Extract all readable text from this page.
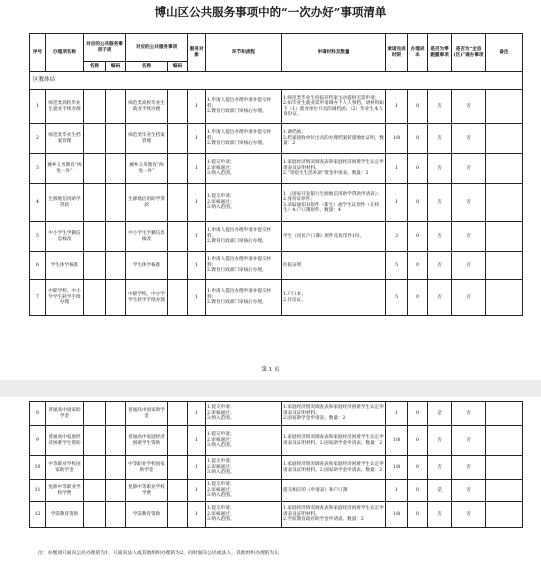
博山区公共服务事项中的“一次办好”事项清单
序号	办理项名称	对应的公共服务事项子项		对应的公共服务事项		服务对象	环节和流程	申请材料及数量	承诺完成时限	办理成本	是否为零跑腿事项	是否为“全县(区)”通办事项	备注
		名称	编码	名称	编码								
区教体局													
1	师范类高校毕业生就业手续办理			师范类高校毕业生就业手续办理		1	1.申请人提出办理申请并提交材料；
2.教育行政部门审核后办理。	1.师范类毕业生持报存档案主动提供无需申请；
2.如毕业生就业需申请调办个人人事档，请材料如下（1）就业单位开具的调档函；（2）毕业生本人身份证。	1	0	否	否	
2	师范类毕业生档案管理			师范类毕业生档案管理		1	1.申请人提出办理申请并提交材料；
2.教育行政部门审核后办理。	1.调档函；
2.档案接收单位出具的办理档案转递地址证明，数量：2	1/8	0	否	否	
3	城乡义务教育“两免一补”			城乡义务教育“两免一补”		1	1.提交申请；
2.审核通过；
3.纳入范围。	1.家庭经济情况调查表和家庭经济困难学生认定申请表及证明材料。
2.“寄宿生生活补助”资金申请表。数量：2	1	0	否	否	
4	生源地信用助学贷款			生源地信用助学贷款		1	1.提交申请；
2.审核通过；
3.纳入范围。	1.《国家开发银行生源地信用助学贷款申请表》；
2.身份证原件；
3.录取通知书原件（新生）或学生证原件（在校生）4.户口簿原件。数量：4	1	0	否	否	
5	中小学生学籍信息核改			中小学生学籍信息核改		1	1.申请人提出办理申请并提交材料；
2.教育行政部门审核后办理。	学生《居民户口簿》原件及复印件1份。	3	0	否	否	
6	学生休学核准			学生休学核准		1	1.申请人提出办理申请并提交材料；
2.教育行政部门审核后办理。	医院证明	5	0	否	否	
7	中职学校、中小学学生转学手续办理			中职学校、中小学学生转学手续办理		1	1.申请人提出办理申请并提交材料；
2.教育行政部门审核后办理。	1.户口本；
2.住房证。	5	0	否	否	
第 1 页
8	普通高中国家助学金			普通高中国家助学金		1	1.提交申请；
2.审核通过；
3.纳入范围。	1.家庭经济情况调查表和家庭经济困难学生认定申请表及证明材料。
2.国家助学金申请表。数量：2	1	0	是	否	
9	普通高中家庭经济困难学生资助			普通高中家庭经济困难学生资助		1	1.提交申请；
2.审核通过；
3.纳入范围。	1.家庭经济情况调查表和家庭经济困难学生认定申请表及证明材料。2.国家助学金申请表。数量：2	1/8	0	否	否	
10	中等职业学校国家助学金			中等职业学校国家助学金		1	1.提交申请；
2.审核通过；
3.纳入范围。	1.家庭经济情况调查表和家庭经济困难学生认定申请表及证明材料。2.国家助学金申请表。数量：2	1/8	0	否	否	
11	免除中等职业学校学费			免除中等职业学校学费		1	1.提交申请；
2.审核通过；
3.纳入范围。	提交相应的《申请表》和户口簿	1	0	是	否	
12	学前教育资助			学前教育资助		1	1.提交申请；
2.审核通过；
3.纳入范围。	1.家庭经济情况调查表和家庭经济困难学生认定申请表及证明材料。
2.学前教育政府助学金申请表。数量：2	1/8	0	否	否	
注：办理项只面向公民办理的为1，只面向法人或其他组织办理的为2，同时面向公民或法人、其他组织办理的为3。
